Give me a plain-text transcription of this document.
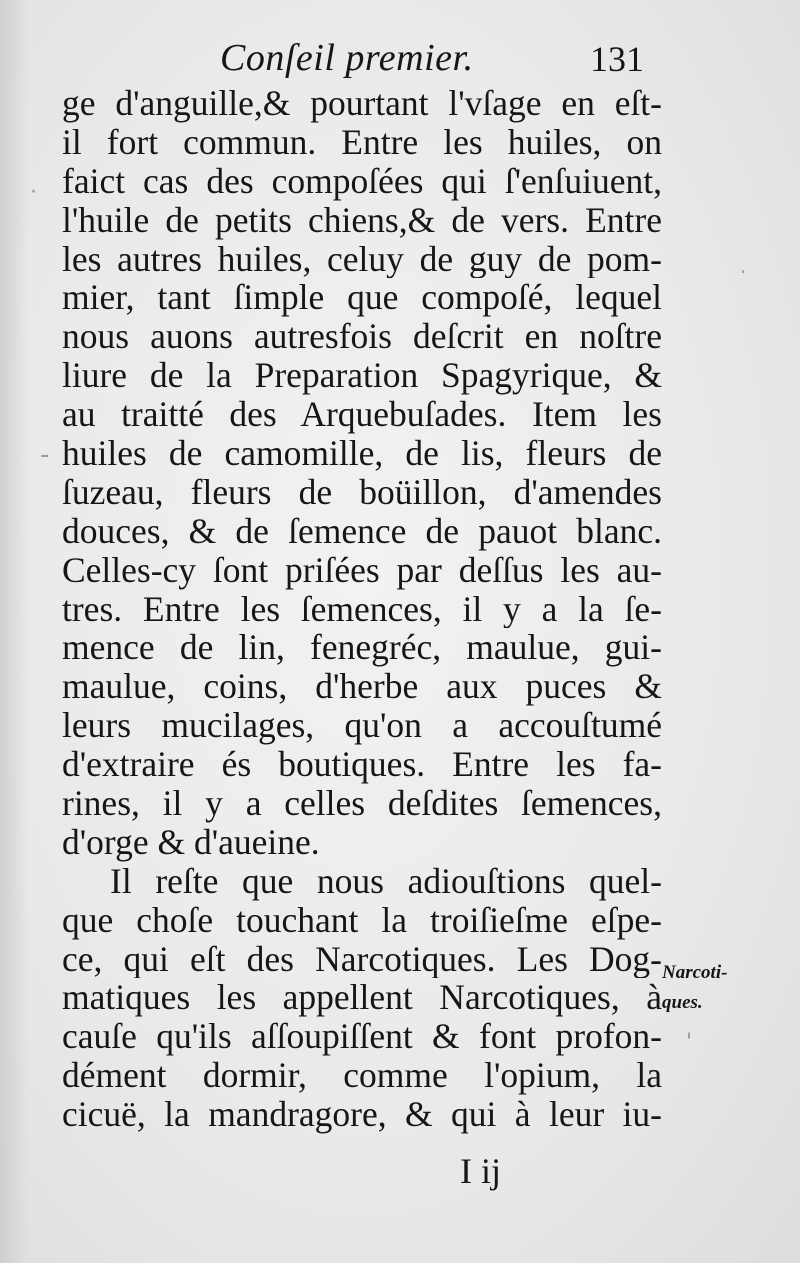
Conſeil premier.	131
ge d'anguille,& pourtant l'vſage en eſt-
il fort commun. Entre les huiles, on
faict cas des compoſées qui ſ'enſuiuent,
l'huile de petits chiens,& de vers. Entre
les autres huiles, celuy de guy de pom-
mier, tant ſimple que compoſé, lequel
nous auons autresfois deſcrit en noſtre
liure de la Preparation Spagyrique, &
au traitté des Arquebuſades. Item les
huiles de camomille, de lis, fleurs de
ſuzeau, fleurs de boüillon, d'amendes
douces, & de ſemence de pauot blanc.
Celles-cy ſont priſées par deſſus les au-
tres. Entre les ſemences, il y a la ſe-
mence de lin, fenegréc, maulue, gui-
maulue, coins, d'herbe aux puces &
leurs mucilages, qu'on a accouſtumé
d'extraire és boutiques. Entre les fa-
rines, il y a celles deſdites ſemences,
d'orge & d'aueine.
Il reſte que nous adiouſtions quel-
que choſe touchant la troiſieſme eſpe-
ce, qui eſt des Narcotiques. Les Dog-
matiques les appellent Narcotiques, à
cauſe qu'ils aſſoupiſſent & font profon-
dément dormir, comme l'opium, la
cicuë, la mandragore, & qui à leur iu-
Narcoti-
ques.
I ij
·
-
·
'
